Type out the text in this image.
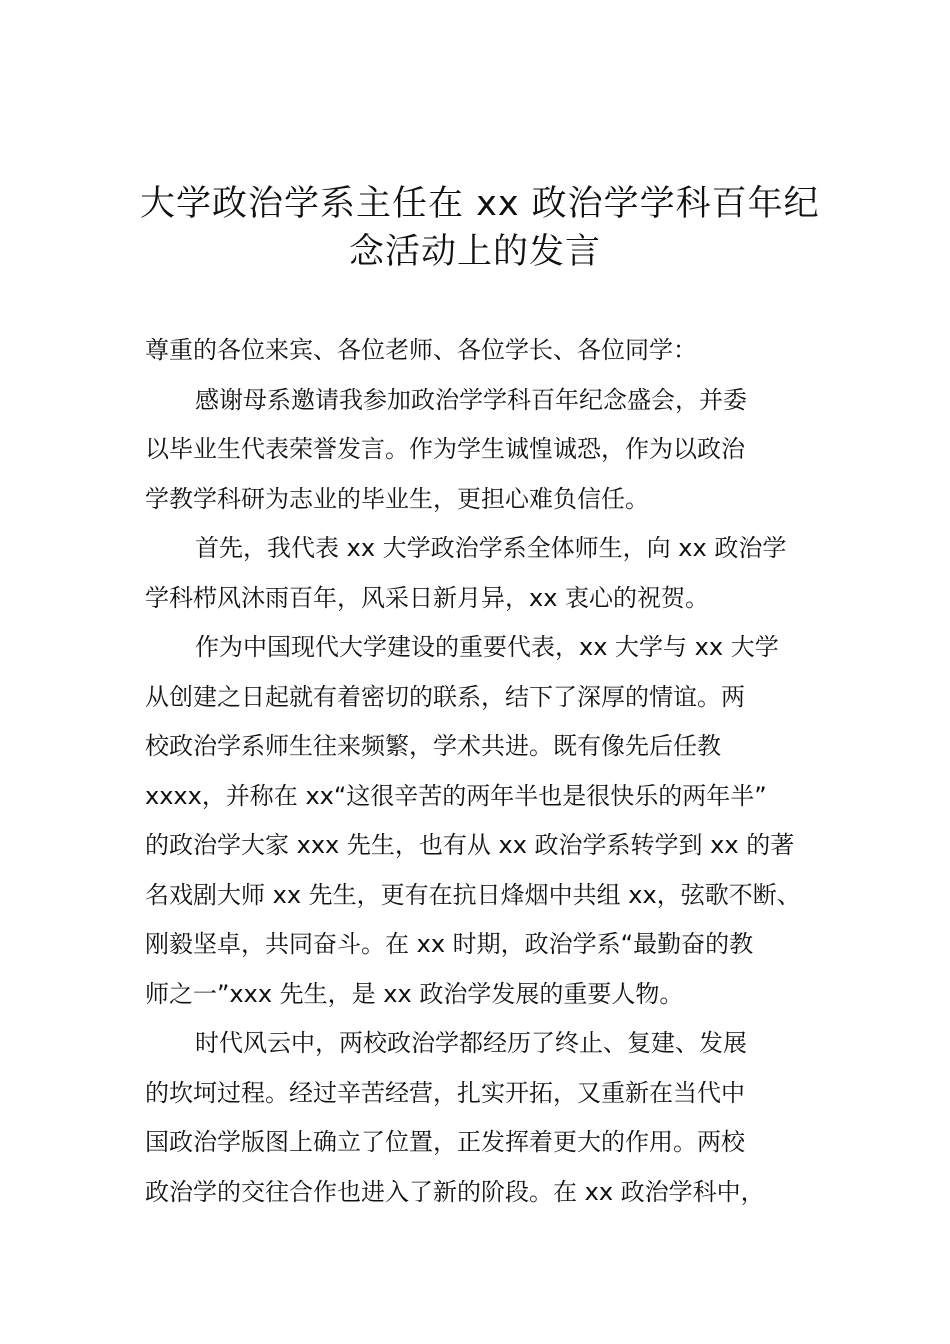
大学政治学系主任在 xx 政治学学科百年纪
念活动上的发言
尊重的各位来宾、各位老师、各位学长、各位同学：
感谢母系邀请我参加政治学学科百年纪念盛会，并委
以毕业生代表荣誉发言。作为学生诚惶诚恐，作为以政治
学教学科研为志业的毕业生，更担心难负信任。
首先，我代表 xx 大学政治学系全体师生，向 xx 政治学
学科栉风沐雨百年，风采日新月异，xx 衷心的祝贺。
作为中国现代大学建设的重要代表，xx 大学与 xx 大学
从创建之日起就有着密切的联系，结下了深厚的情谊。两
校政治学系师生往来频繁，学术共进。既有像先后任教
xxxx，并称在 xx“这很辛苦的两年半也是很快乐的两年半”
的政治学大家 xxx 先生，也有从 xx 政治学系转学到 xx 的著
名戏剧大师 xx 先生，更有在抗日烽烟中共组 xx，弦歌不断、
刚毅坚卓，共同奋斗。在 xx 时期，政治学系“最勤奋的教
师之一”xxx 先生，是 xx 政治学发展的重要人物。
时代风云中，两校政治学都经历了终止、复建、发展
的坎坷过程。经过辛苦经营，扎实开拓，又重新在当代中
国政治学版图上确立了位置，正发挥着更大的作用。两校
政治学的交往合作也进入了新的阶段。在 xx 政治学科中，
